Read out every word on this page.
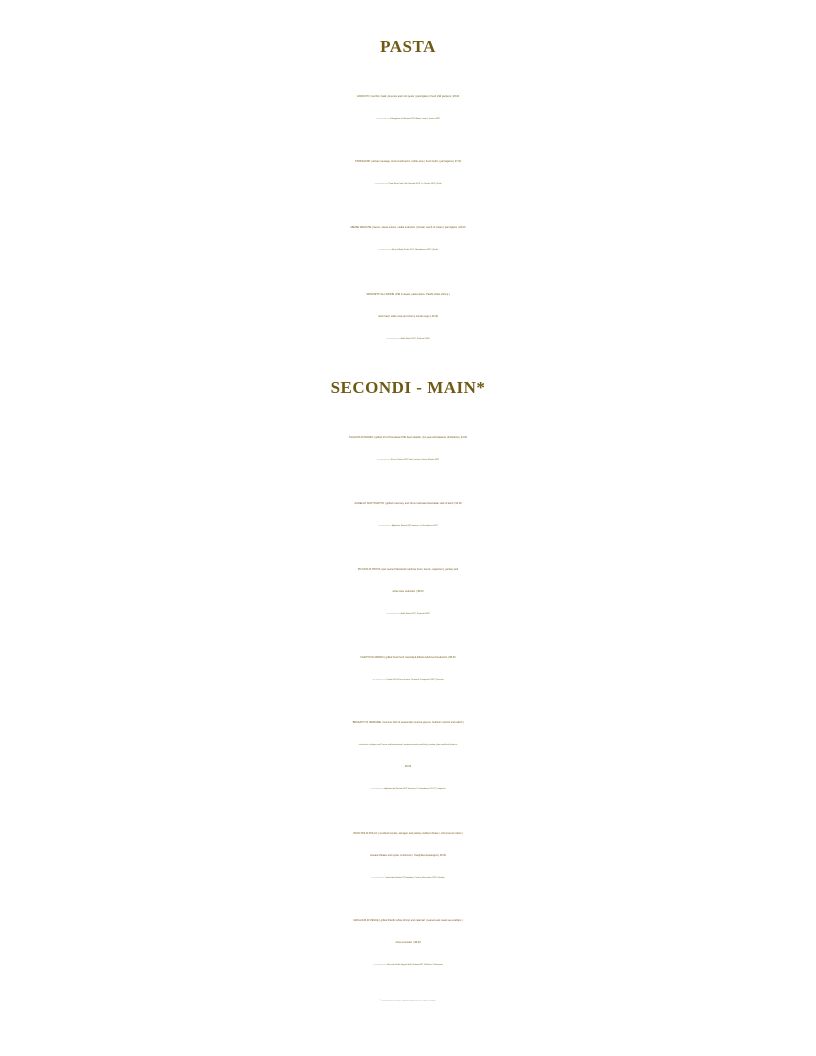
PASTA
GNOCCHI | zucchini, basil, pinenuts and mint pesto | parmigiano | fresh chili peppers | 28.00
wine recommendation: Falanghina del Sannio DOC Anima Lavica, Jenare 2022
STRINGOZZI | artisan sausage, local mushrooms | white wine | fresh herbs | parmigiano | 27.00
wine recommendation: Pinot Nero Friuli Colli Orientali DOP, La Tunella 2020 | Friuli
MEZZE MANICHE | bacon, sweet onions, vodka reduction | tomato, touch of cream | parmigiano | 26.00
wine recommendation: Nero d' Avola Sicilia DOC, Mandarossa 2022 | Sicilia
SPAGHETTI AL LIMONE | PEI mussels, pasta clams, Pacific white shrimp |
fresh basil, white wine and cherry tomato sugo | 32.00
wine recommendation: Grillo Sicilia DOC, Settesoli 2022
SECONDI - MAIN*
TAGLIATA DI MANZO | grilled 10 oz Penokean Hills beef striploin | 12-year-old balsamic di Modena | 44.00
wine recommendation: Rosso Conero DOC San Lorenzo, Umani Ronchi 2021
AGNELLO SCOTTADITTO | grilled rosemary and citrus marinated Australian rack of lamb | 54.00
wine recommendation: Aglianico Sannio IGP Jannare, Le Guardiense 2017
PICCATA DI TROTA | pan seared Manitoulin rainbow trout | lemon, caperberry, parsley and
white wine reduction | 38.00
wine recommendation: Grillo Sicilia DOC, Settesoli 2022
FILETTO DI MANZO | grilled fresh herb marinated Alberta AAA beef tenderloin | 58.00
wine recommendation: Chianti DOCG buccia nera, Tenuta di Campriano 2022 | Toscana
'BRASATO' DI VERDURE | summer dish of seasonally sourced greens, heirloom carrots and radish |
cicchercia, chickpea and Tuscan red bean braise | sauteed escarole and kale | parsley, chive and fresh herb jus
28.00
wine recommendation: Aglianico del Sannio DOP lucchero, La Guardiense 2017 | Campania
INVOLTINI DI POLLO | sundried tomato, tarragon and parsley stuffed chicken | citrus beurre blanc |
roasted shitake and oyster mushroom | chargrilled asparagus | 36.00
wine recommendation: Grechetto Umbria IGT fiordaliso, Cantina Roccafiore 2022 | Umbria
GRIGLIATA DI PESCE | grilled Pacific white shrimp and calamari | seared east coast sea scallops |
citrus emulsion | 38.00
wine recommendation: Moscato Giallo Vigneti delle Dolomiti IGT Pfefferer, Colterenzio
*main dishes served with seasonal vegetables sourced from local farmers and growers
